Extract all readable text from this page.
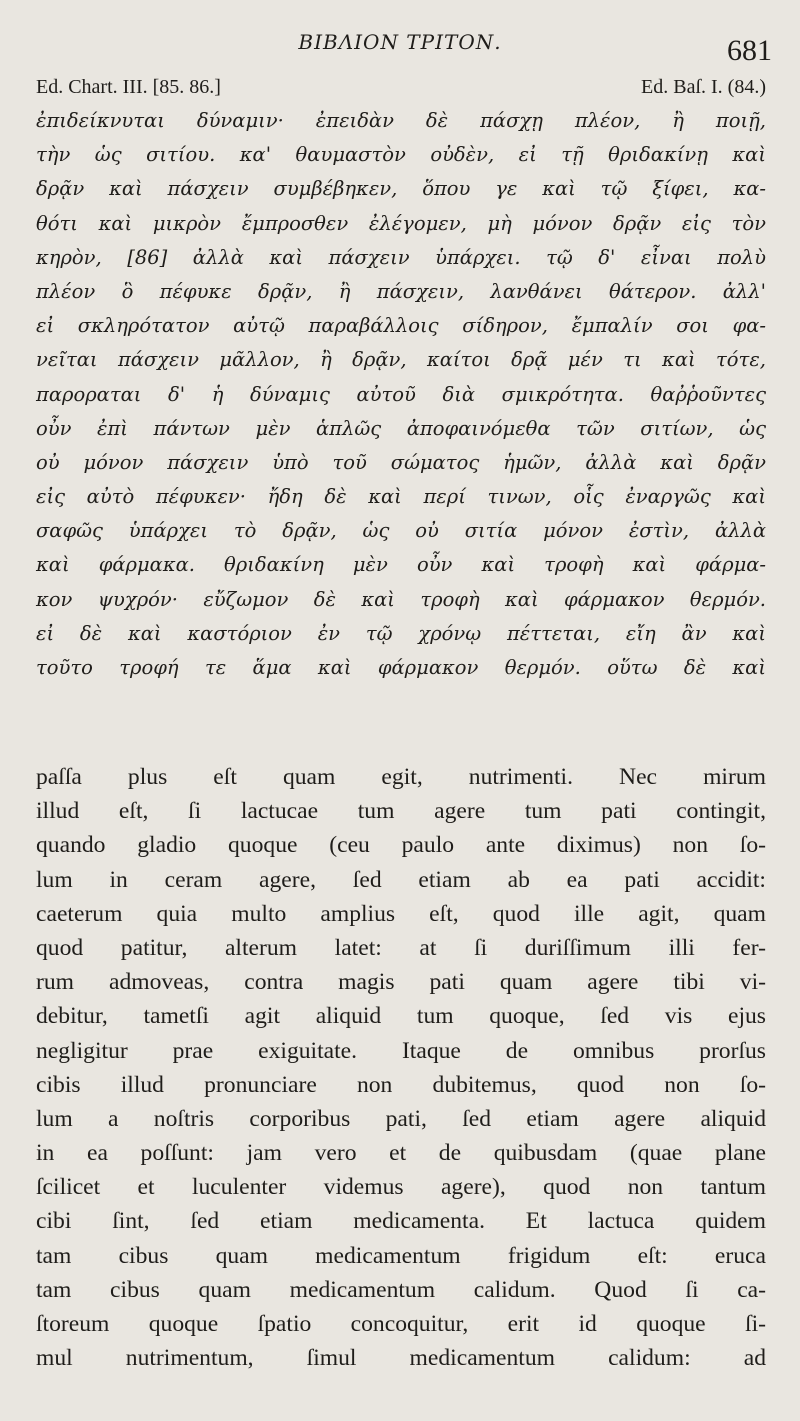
ΒΙΒΛΙΟΝ ΤΡΙΤΟΝ.	681
Ed. Chart. III. [85. 86.]	Ed. Baſ. I. (84.)
ἐπιδείκνυται δύναμιν· ἐπειδὰν δὲ πάσχῃ πλέον, ἢ ποιῇ,
τὴν ὡς σιτίου. κα' θαυμαστὸν οὐδὲν, εἰ τῇ θριδακίνῃ καὶ
δρᾷν καὶ πάσχειν συμβέβηκεν, ὅπου γε καὶ τῷ ξίφει, κα-
θότι καὶ μικρὸν ἔμπροσθεν ἐλέγομεν, μὴ μόνον δρᾷν εἰς τὸν
κηρὸν, [86] ἀλλὰ καὶ πάσχειν ὑπάρχει. τῷ δ' εἶναι πολὺ
πλέον ὃ πέφυκε δρᾷν, ἢ πάσχειν, λανθάνει θάτερον. ἀλλ'
εἰ σκληρότατον αὐτῷ παραβάλλοις σίδηρον, ἔμπαλίν σοι φα-
νεῖται πάσχειν μᾶλλον, ἢ δρᾷν, καίτοι δρᾷ μέν τι καὶ τότε,
παροραται δ' ἡ δύναμις αὐτοῦ διὰ σμικρότητα. θαῤῥοῦντες
οὖν ἐπὶ πάντων μὲν ἁπλῶς ἀποφαινόμεθα τῶν σιτίων, ὡς
οὐ μόνον πάσχειν ὑπὸ τοῦ σώματος ἡμῶν, ἀλλὰ καὶ δρᾷν
εἰς αὐτὸ πέφυκεν· ἤδη δὲ καὶ περί τινων, οἷς ἐναργῶς καὶ
σαφῶς ὑπάρχει τὸ δρᾷν, ὡς οὐ σιτία μόνον ἐστὶν, ἀλλὰ
καὶ φάρμακα. θριδακίνη μὲν οὖν καὶ τροφὴ καὶ φάρμα-
κον ψυχρόν· εὔζωμον δὲ καὶ τροφὴ καὶ φάρμακον θερμόν.
εἰ δὲ καὶ καστόριον ἐν τῷ χρόνῳ πέττεται, εἴη ἂν καὶ
τοῦτο τροφή τε ἅμα καὶ φάρμακον θερμόν. οὕτω δὲ καὶ
paſſa plus eſt quam egit, nutrimenti. Nec mirum
illud eſt, ſi lactucae tum agere tum pati contingit,
quando gladio quoque (ceu paulo ante diximus) non ſo-
lum in ceram agere, ſed etiam ab ea pati accidit:
caeterum quia multo amplius eſt, quod ille agit, quam
quod patitur, alterum latet: at ſi duriſſimum illi fer-
rum admoveas, contra magis pati quam agere tibi vi-
debitur, tametſi agit aliquid tum quoque, ſed vis ejus
negligitur prae exiguitate. Itaque de omnibus prorſus
cibis illud pronunciare non dubitemus, quod non ſo-
lum a noſtris corporibus pati, ſed etiam agere aliquid
in ea poſſunt: jam vero et de quibusdam (quae plane
ſcilicet et luculenter videmus agere), quod non tantum
cibi ſint, ſed etiam medicamenta. Et lactuca quidem
tam cibus quam medicamentum frigidum eſt: eruca
tam cibus quam medicamentum calidum. Quod ſi ca-
ſtoreum quoque ſpatio concoquitur, erit id quoque ſi-
mul nutrimentum, ſimul medicamentum calidum: ad
